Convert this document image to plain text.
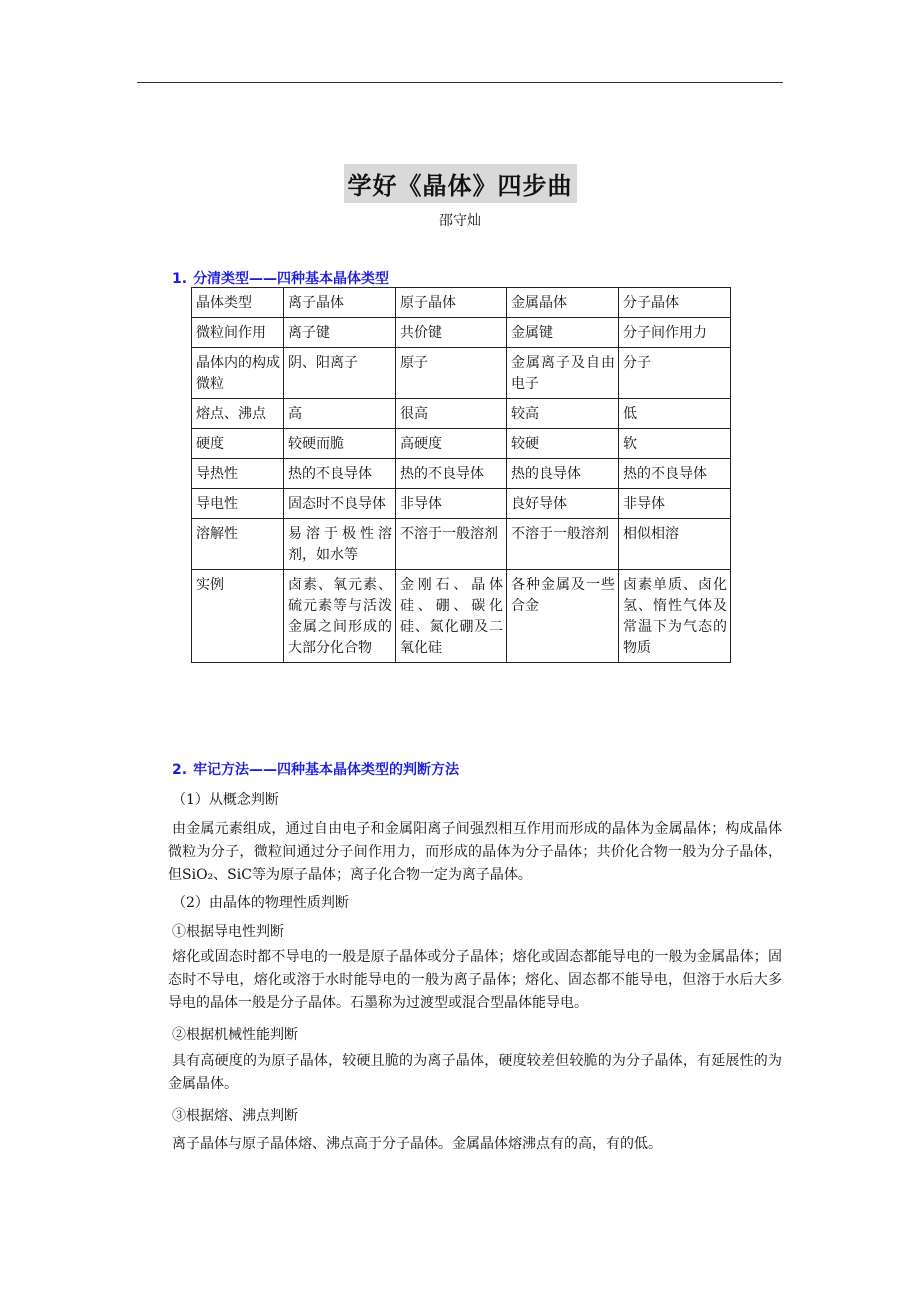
学好《晶体》四步曲
邵守灿
1. 分清类型——四种基本晶体类型
晶体类型	离子晶体	原子晶体	金属晶体	分子晶体
微粒间作用	离子键	共价键	金属键	分子间作用力
晶体内的构成微粒	阴、阳离子	原子	金属离子及自由电子	分子
熔点、沸点	高	很高	较高	低
硬度	较硬而脆	高硬度	较硬	软
导热性	热的不良导体	热的不良导体	热的良导体	热的不良导体
导电性	固态时不良导体	非导体	良好导体	非导体
溶解性	易溶于极性溶剂，如水等	不溶于一般溶剂	不溶于一般溶剂	相似相溶
实例	卤素、氧元素、硫元素等与活泼金属之间形成的大部分化合物	金刚石、晶体硅、硼、碳化硅、氮化硼及二氧化硅	各种金属及一些合金	卤素单质、卤化氢、惰性气体及常温下为气态的物质
2. 牢记方法——四种基本晶体类型的判断方法
（1）从概念判断
由金属元素组成，通过自由电子和金属阳离子间强烈相互作用而形成的晶体为金属晶体；构成晶体微粒为分子，微粒间通过分子间作用力，而形成的晶体为分子晶体；共价化合物一般为分子晶体，但SiO₂、SiC等为原子晶体；离子化合物一定为离子晶体。
（2）由晶体的物理性质判断
①根据导电性判断
熔化或固态时都不导电的一般是原子晶体或分子晶体；熔化或固态都能导电的一般为金属晶体；固态时不导电，熔化或溶于水时能导电的一般为离子晶体；熔化、固态都不能导电，但溶于水后大多导电的晶体一般是分子晶体。石墨称为过渡型或混合型晶体能导电。
②根据机械性能判断
具有高硬度的为原子晶体，较硬且脆的为离子晶体，硬度较差但较脆的为分子晶体，有延展性的为金属晶体。
③根据熔、沸点判断
离子晶体与原子晶体熔、沸点高于分子晶体。金属晶体熔沸点有的高，有的低。
